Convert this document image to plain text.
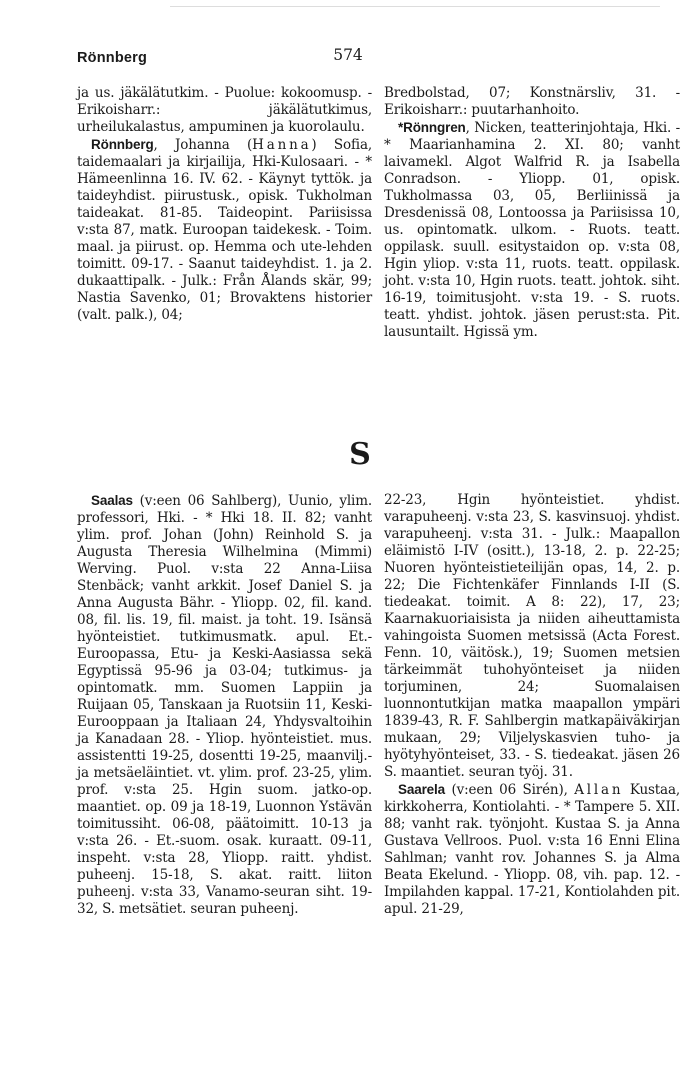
Rönnberg	574

ja us. jäkälätutkim. - Puolue: kokoomusp. - Erikoisharr.: jäkälätutkimus, urheilukalastus, ampuminen ja kuorolaulu.

Rönnberg, Johanna (Hanna) Sofia, taidemaalari ja kirjailija, Hki-Kulosaari. - * Hämeenlinna 16. IV. 62. - Käynyt tyttök. ja taideyhdist. piirustusk., opisk. Tukholman taideakat. 81-85. Taideopint. Pariisissa v:sta 87, matk. Euroopan taidekesk. - Toim. maal. ja piirust. op. Hemma och ute-lehden toimitt. 09-17. - Saanut taideyhdist. 1. ja 2. dukaattipalk. - Julk.: Från Ålands skär, 99; Nastia Savenko, 01; Brovaktens historier (valt. palk.), 04;

Bredbolstad, 07; Konstnärsliv, 31. - Erikoisharr.: puutarhanhoito.

*Rönngren, Nicken, teatterinjohtaja, Hki. - * Maarianhamina 2. XI. 80; vanht laivamekl. Algot Walfrid R. ja Isabella Conradson. - Yliopp. 01, opisk. Tukholmassa 03, 05, Berliinissä ja Dresdenissä 08, Lontoossa ja Pariisissa 10, us. opintomatk. ulkom. - Ruots. teatt. oppilask. suull. esitystaidon op. v:sta 08, Hgin yliop. v:sta 11, ruots. teatt. oppilask. joht. v:sta 10, Hgin ruots. teatt. johtok. siht. 16-19, toimitusjoht. v:sta 19. - S. ruots. teatt. yhdist. johtok. jäsen perust:sta. Pit. lausuntailt. Hgissä ym.

S

Saalas (v:een 06 Sahlberg), Uunio, ylim. professori, Hki. - * Hki 18. II. 82; vanht ylim. prof. Johan (John) Reinhold S. ja Augusta Theresia Wilhelmina (Mimmi) Werving. Puol. v:sta 22 Anna-Liisa Stenbäck; vanht arkkit. Josef Daniel S. ja Anna Augusta Bähr. - Yliopp. 02, fil. kand. 08, fil. lis. 19, fil. maist. ja toht. 19. Isänsä hyönteistiet. tutkimusmatk. apul. Et.-Euroopassa, Etu- ja Keski-Aasiassa sekä Egyptissä 95-96 ja 03-04; tutkimus- ja opintomatk. mm. Suomen Lappiin ja Ruijaan 05, Tanskaan ja Ruotsiin 11, Keski-Eurooppaan ja Italiaan 24, Yhdysvaltoihin ja Kanadaan 28. - Yliop. hyönteistiet. mus. assistentti 19-25, dosentti 19-25, maanvilj.- ja metsäeläintiet. vt. ylim. prof. 23-25, ylim. prof. v:sta 25. Hgin suom. jatko-op. maantiet. op. 09 ja 18-19, Luonnon Ystävän toimitussiht. 06-08, päätoimitt. 10-13 ja v:sta 26. - Et.-suom. osak. kuraatt. 09-11, inspeht. v:sta 28, Yliopp. raitt. yhdist. puheenj. 15-18, S. akat. raitt. liiton puheenj. v:sta 33, Vanamo-seuran siht. 19-32, S. metsätiet. seuran puheenj.

22-23, Hgin hyönteistiet. yhdist. varapuheenj. v:sta 23, S. kasvinsuoj. yhdist. varapuheenj. v:sta 31. - Julk.: Maapallon eläimistö I-IV (ositt.), 13-18, 2. p. 22-25; Nuoren hyönteistieteilijän opas, 14, 2. p. 22; Die Fichtenkäfer Finnlands I-II (S. tiedeakat. toimit. A 8: 22), 17, 23; Kaarnakuoriaisista ja niiden aiheuttamista vahingoista Suomen metsissä (Acta Forest. Fenn. 10, väitösk.), 19; Suomen metsien tärkeimmät tuhohyönteiset ja niiden torjuminen, 24; Suomalaisen luonnontutkijan matka maapallon ympäri 1839-43, R. F. Sahlbergin matkapäiväkirjan mukaan, 29; Viljelyskasvien tuho- ja hyötyhyönteiset, 33. - S. tiedeakat. jäsen 26 S. maantiet. seuran työj. 31.

Saarela (v:een 06 Sirén), Allan Kustaa, kirkkoherra, Kontiolahti. - * Tampere 5. XII. 88; vanht rak. työnjoht. Kustaa S. ja Anna Gustava Vellroos. Puol. v:sta 16 Enni Elina Sahlman; vanht rov. Johannes S. ja Alma Beata Ekelund. - Yliopp. 08, vih. pap. 12. - Impilahden kappal. 17-21, Kontiolahden pit. apul. 21-29,
